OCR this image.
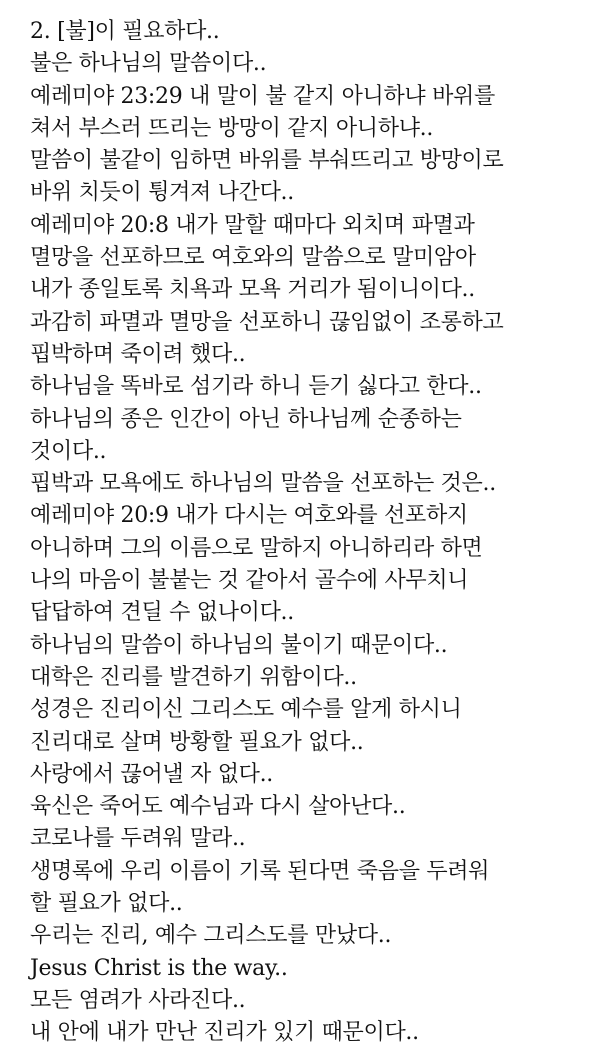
2. [불]이 필요하다..
불은 하나님의 말씀이다..
예레미야 23:29 내 말이 불 같지 아니하냐 바위를
쳐서 부스러 뜨리는 방망이 같지 아니하냐..
말씀이 불같이 임하면 바위를 부숴뜨리고 방망이로
바위 치듯이 튕겨져 나간다..
예레미야 20:8 내가 말할 때마다 외치며 파멸과
멸망을 선포하므로 여호와의 말씀으로 말미암아
내가 종일토록 치욕과 모욕 거리가 됨이니이다..
과감히 파멸과 멸망을 선포하니 끊임없이 조롱하고
핍박하며 죽이려 했다..
하나님을 똑바로 섬기라 하니 듣기 싫다고 한다..
하나님의 종은 인간이 아닌 하나님께 순종하는
것이다..
핍박과 모욕에도 하나님의 말씀을 선포하는 것은..
예레미야 20:9 내가 다시는 여호와를 선포하지
아니하며 그의 이름으로 말하지 아니하리라 하면
나의 마음이 불붙는 것 같아서 골수에 사무치니
답답하여 견딜 수 없나이다..
하나님의 말씀이 하나님의 불이기 때문이다..
대학은 진리를 발견하기 위함이다..
성경은 진리이신 그리스도 예수를 알게 하시니
진리대로 살며 방황할 필요가 없다..
사랑에서 끊어낼 자 없다..
육신은 죽어도 예수님과 다시 살아난다..
코로나를 두려워 말라..
생명록에 우리 이름이 기록 된다면 죽음을 두려워
할 필요가 없다..
우리는 진리, 예수 그리스도를 만났다..
Jesus Christ is the way..
모든 염려가 사라진다..
내 안에 내가 만난 진리가 있기 때문이다..
